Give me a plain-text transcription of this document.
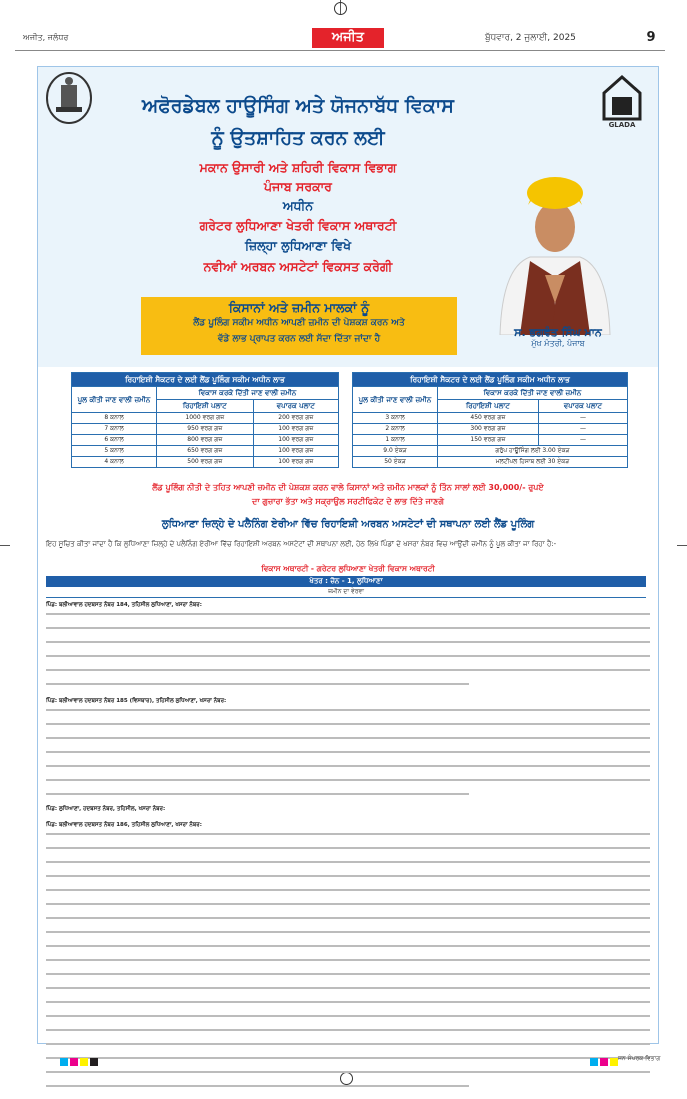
ਅਜੀਤ, ਜਲੰਧਰ	ਅਜੀਤ	ਬੁੱਧਵਾਰ, 2 ਜੁਲਾਈ, 2025	9
GLADA
ਅਫੋਰਡੇਬਲ ਹਾਊਸਿੰਗ ਅਤੇ ਯੋਜਨਾਬੱਧ ਵਿਕਾਸ
ਨੂੰ ਉਤਸ਼ਾਹਿਤ ਕਰਨ ਲਈ
ਮਕਾਨ ਉਸਾਰੀ ਅਤੇ ਸ਼ਹਿਰੀ ਵਿਕਾਸ ਵਿਭਾਗ
ਪੰਜਾਬ ਸਰਕਾਰ
ਅਧੀਨ
ਗਰੇਟਰ ਲੁਧਿਆਣਾ ਖੇਤਰੀ ਵਿਕਾਸ ਅਥਾਰਟੀ
ਜ਼ਿਲ੍ਹਾ ਲੁਧਿਆਣਾ ਵਿਖੇ
ਨਵੀਆਂ ਅਰਬਨ ਅਸਟੇਟਾਂ ਵਿਕਸਤ ਕਰੇਗੀ
ਸ. ਭਗਵੰਤ ਸਿੰਘ ਮਾਨ
ਮੁੱਖ ਮੰਤਰੀ, ਪੰਜਾਬ
ਕਿਸਾਨਾਂ ਅਤੇ ਜ਼ਮੀਨ ਮਾਲਕਾਂ ਨੂੰ
ਲੈਂਡ ਪੂਲਿੰਗ ਸਕੀਮ ਅਧੀਨ ਆਪਣੀ ਜ਼ਮੀਨ ਦੀ ਪੇਸ਼ਕਸ਼ ਕਰਨ ਅਤੇ
ਵੱਡੇ ਲਾਭ ਪ੍ਰਾਪਤ ਕਰਨ ਲਈ ਸੱਦਾ ਦਿੱਤਾ ਜਾਂਦਾ ਹੈ
ਰਿਹਾਇਸ਼ੀ ਸੈਕਟਰ ਦੇ ਲਈ ਲੈਂਡ ਪੂਲਿੰਗ ਸਕੀਮ ਅਧੀਨ ਲਾਭ		
ਪੂਲ ਕੀਤੀ ਜਾਣ ਵਾਲੀ ਜ਼ਮੀਨ	ਵਿਕਾਸ ਕਰਕੇ ਦਿੱਤੀ ਜਾਣ ਵਾਲੀ ਜ਼ਮੀਨ	
	ਰਿਹਾਇਸ਼ੀ ਪਲਾਟ	ਵਪਾਰਕ ਪਲਾਟ
8 ਕਨਾਲ	1000 ਵਰਗ ਗਜ਼	200 ਵਰਗ ਗਜ਼
7 ਕਨਾਲ	950 ਵਰਗ ਗਜ਼	100 ਵਰਗ ਗਜ਼
6 ਕਨਾਲ	800 ਵਰਗ ਗਜ਼	100 ਵਰਗ ਗਜ਼
5 ਕਨਾਲ	650 ਵਰਗ ਗਜ਼	100 ਵਰਗ ਗਜ਼
4 ਕਨਾਲ	500 ਵਰਗ ਗਜ਼	100 ਵਰਗ ਗਜ਼
ਰਿਹਾਇਸ਼ੀ ਸੈਕਟਰ ਦੇ ਲਈ ਲੈਂਡ ਪੂਲਿੰਗ ਸਕੀਮ ਅਧੀਨ ਲਾਭ		
ਪੂਲ ਕੀਤੀ ਜਾਣ ਵਾਲੀ ਜ਼ਮੀਨ	ਵਿਕਾਸ ਕਰਕੇ ਦਿੱਤੀ ਜਾਣ ਵਾਲੀ ਜ਼ਮੀਨ	
	ਰਿਹਾਇਸ਼ੀ ਪਲਾਟ	ਵਪਾਰਕ ਪਲਾਟ
3 ਕਨਾਲ	450 ਵਰਗ ਗਜ਼	—
2 ਕਨਾਲ	300 ਵਰਗ ਗਜ਼	—
1 ਕਨਾਲ	150 ਵਰਗ ਗਜ਼	—
9.0 ਏਕੜ	ਗਰੁੱਪ ਹਾਊਸਿੰਗ ਲਈ 3.00 ਏਕੜ	
50 ਏਕੜ	ਮਲਟੀਪਲ ਹਿਸਾਬ ਲਈ 30 ਏਕੜ	
ਲੈਂਡ ਪੂਲਿੰਗ ਨੀਤੀ ਦੇ ਤਹਿਤ ਆਪਣੀ ਜ਼ਮੀਨ ਦੀ ਪੇਸ਼ਕਸ਼ ਕਰਨ ਵਾਲੇ ਕਿਸਾਨਾਂ ਅਤੇ ਜ਼ਮੀਨ ਮਾਲਕਾਂ ਨੂੰ ਤਿੰਨ ਸਾਲਾਂ ਲਈ 30,000/- ਰੁਪਏ
ਦਾ ਗੁਜ਼ਾਰਾ ਭੱਤਾ ਅਤੇ ਸਕ੍ਰਾਉਲ ਸਰਟੀਫਿਕੇਟ ਦੇ ਲਾਭ ਦਿੱਤੇ ਜਾਣਗੇ
ਲੁਧਿਆਣਾ ਜ਼ਿਲ੍ਹੇ ਦੇ ਪਲੈਨਿੰਗ ਏਰੀਆ ਵਿੱਚ ਰਿਹਾਇਸ਼ੀ ਅਰਬਨ ਅਸਟੇਟਾਂ ਦੀ ਸਥਾਪਨਾ ਲਈ ਲੈਂਡ ਪੂਲਿੰਗ
ਇਹ ਸੂਚਿਤ ਕੀਤਾ ਜਾਂਦਾ ਹੈ ਕਿ ਲੁਧਿਆਣਾ ਜ਼ਿਲ੍ਹੇ ਦੇ ਪਲੈਨਿੰਗ ਏਰੀਆ ਵਿੱਚ ਰਿਹਾਇਸ਼ੀ ਅਰਬਨ ਅਸਟੇਟਾਂ ਦੀ ਸਥਾਪਨਾ ਲਈ, ਹੇਠ ਲਿਖੇ ਪਿੰਡਾਂ ਦੇ ਖਸਰਾ ਨੰਬਰ ਵਿਚ ਆਉਂਦੀ ਜ਼ਮੀਨ ਨੂੰ ਪੂਲ ਕੀਤਾ ਜਾ ਰਿਹਾ ਹੈ:-
ਵਿਕਾਸ ਅਥਾਰਟੀ - ਗਰੇਟਰ ਲੁਧਿਆਣਾ ਖੇਤਰੀ ਵਿਕਾਸ ਅਥਾਰਟੀ
ਖੇਤਰ : ਜ਼ੋਨ - 1, ਲੁਧਿਆਣਾ
ਜ਼ਮੀਨ ਦਾ ਵੇਰਵਾ
ਪਿੰਡ: ਬਲੀਆਵਾਲ ਹਦਬਸਤ ਨੰਬਰ 184, ਤਹਿਸੀਲ ਲੁਧਿਆਣਾ, ਖਸਰਾ ਨੰਬਰ:
ਪਿੰਡ: ਬਲੀਆਵਾਲ ਹਦਬਸਤ ਨੰਬਰ 185 (ਵਿਸਥਾਰ), ਤਹਿਸੀਲ ਲੁਧਿਆਣਾ, ਖਸਰਾ ਨੰਬਰ:
ਪਿੰਡ: ਲੁਧਿਆਣਾ, ਹਦਬਸਤ ਨੰਬਰ, ਤਹਿਸੀਲ, ਖਸਰਾ ਨੰਬਰ:
ਪਿੰਡ: ਬਲੀਆਵਾਲ ਹਦਬਸਤ ਨੰਬਰ 186, ਤਹਿਸੀਲ ਲੁਧਿਆਣਾ, ਖਸਰਾ ਨੰਬਰ:
ਜਨ ਸੰਪਰਕ ਵਿਭਾਗ
